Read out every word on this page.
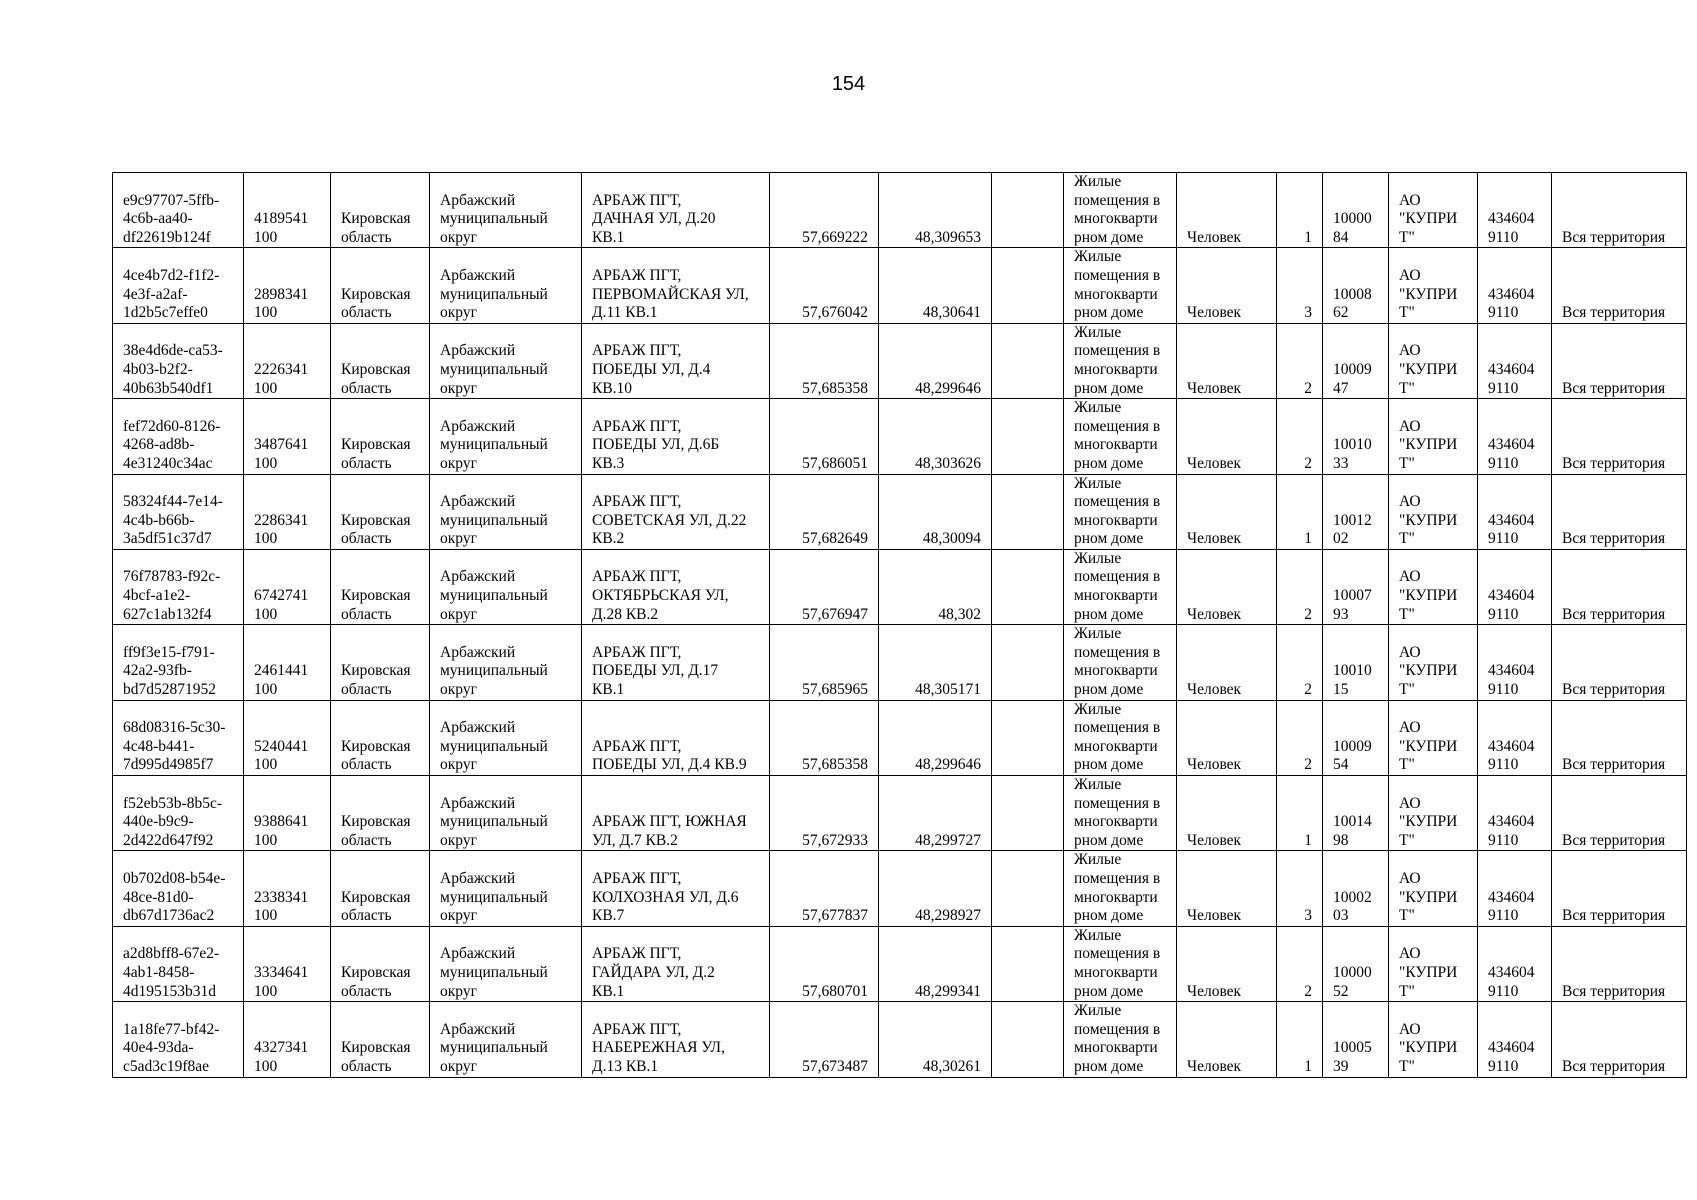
154
e9c97707-5ffb-
4c6b-aa40-
df22619b124f	4189541
100	Кировская
область	Арбажский
муниципальный
округ	АРБАЖ ПГТ,
ДАЧНАЯ УЛ, Д.20
КВ.1	57,669222	48,309653		Жилые
помещения в
многокварти
рном доме	Человек	1	10000
84	АО
"КУПРИ
Т"	434604
9110	Вся территория
4ce4b7d2-f1f2-
4e3f-a2af-
1d2b5c7effe0	2898341
100	Кировская
область	Арбажский
муниципальный
округ	АРБАЖ ПГТ,
ПЕРВОМАЙСКАЯ УЛ,
Д.11 КВ.1	57,676042	48,30641		Жилые
помещения в
многокварти
рном доме	Человек	3	10008
62	АО
"КУПРИ
Т"	434604
9110	Вся территория
38e4d6de-ca53-
4b03-b2f2-
40b63b540df1	2226341
100	Кировская
область	Арбажский
муниципальный
округ	АРБАЖ ПГТ,
ПОБЕДЫ УЛ, Д.4
КВ.10	57,685358	48,299646		Жилые
помещения в
многокварти
рном доме	Человек	2	10009
47	АО
"КУПРИ
Т"	434604
9110	Вся территория
fef72d60-8126-
4268-ad8b-
4e31240c34ac	3487641
100	Кировская
область	Арбажский
муниципальный
округ	АРБАЖ ПГТ,
ПОБЕДЫ УЛ, Д.6Б
КВ.3	57,686051	48,303626		Жилые
помещения в
многокварти
рном доме	Человек	2	10010
33	АО
"КУПРИ
Т"	434604
9110	Вся территория
58324f44-7e14-
4c4b-b66b-
3a5df51c37d7	2286341
100	Кировская
область	Арбажский
муниципальный
округ	АРБАЖ ПГТ,
СОВЕТСКАЯ УЛ, Д.22
КВ.2	57,682649	48,30094		Жилые
помещения в
многокварти
рном доме	Человек	1	10012
02	АО
"КУПРИ
Т"	434604
9110	Вся территория
76f78783-f92c-
4bcf-a1e2-
627c1ab132f4	6742741
100	Кировская
область	Арбажский
муниципальный
округ	АРБАЖ ПГТ,
ОКТЯБРЬСКАЯ УЛ,
Д.28 КВ.2	57,676947	48,302		Жилые
помещения в
многокварти
рном доме	Человек	2	10007
93	АО
"КУПРИ
Т"	434604
9110	Вся территория
ff9f3e15-f791-
42a2-93fb-
bd7d52871952	2461441
100	Кировская
область	Арбажский
муниципальный
округ	АРБАЖ ПГТ,
ПОБЕДЫ УЛ, Д.17
КВ.1	57,685965	48,305171		Жилые
помещения в
многокварти
рном доме	Человек	2	10010
15	АО
"КУПРИ
Т"	434604
9110	Вся территория
68d08316-5c30-
4c48-b441-
7d995d4985f7	5240441
100	Кировская
область	Арбажский
муниципальный
округ	АРБАЖ ПГТ,
ПОБЕДЫ УЛ, Д.4 КВ.9	57,685358	48,299646		Жилые
помещения в
многокварти
рном доме	Человек	2	10009
54	АО
"КУПРИ
Т"	434604
9110	Вся территория
f52eb53b-8b5c-
440e-b9c9-
2d422d647f92	9388641
100	Кировская
область	Арбажский
муниципальный
округ	АРБАЖ ПГТ, ЮЖНАЯ
УЛ, Д.7 КВ.2	57,672933	48,299727		Жилые
помещения в
многокварти
рном доме	Человек	1	10014
98	АО
"КУПРИ
Т"	434604
9110	Вся территория
0b702d08-b54e-
48ce-81d0-
db67d1736ac2	2338341
100	Кировская
область	Арбажский
муниципальный
округ	АРБАЖ ПГТ,
КОЛХОЗНАЯ УЛ, Д.6
КВ.7	57,677837	48,298927		Жилые
помещения в
многокварти
рном доме	Человек	3	10002
03	АО
"КУПРИ
Т"	434604
9110	Вся территория
a2d8bff8-67e2-
4ab1-8458-
4d195153b31d	3334641
100	Кировская
область	Арбажский
муниципальный
округ	АРБАЖ ПГТ,
ГАЙДАРА УЛ, Д.2
КВ.1	57,680701	48,299341		Жилые
помещения в
многокварти
рном доме	Человек	2	10000
52	АО
"КУПРИ
Т"	434604
9110	Вся территория
1a18fe77-bf42-
40e4-93da-
c5ad3c19f8ae	4327341
100	Кировская
область	Арбажский
муниципальный
округ	АРБАЖ ПГТ,
НАБЕРЕЖНАЯ УЛ,
Д.13 КВ.1	57,673487	48,30261		Жилые
помещения в
многокварти
рном доме	Человек	1	10005
39	АО
"КУПРИ
Т"	434604
9110	Вся территория
